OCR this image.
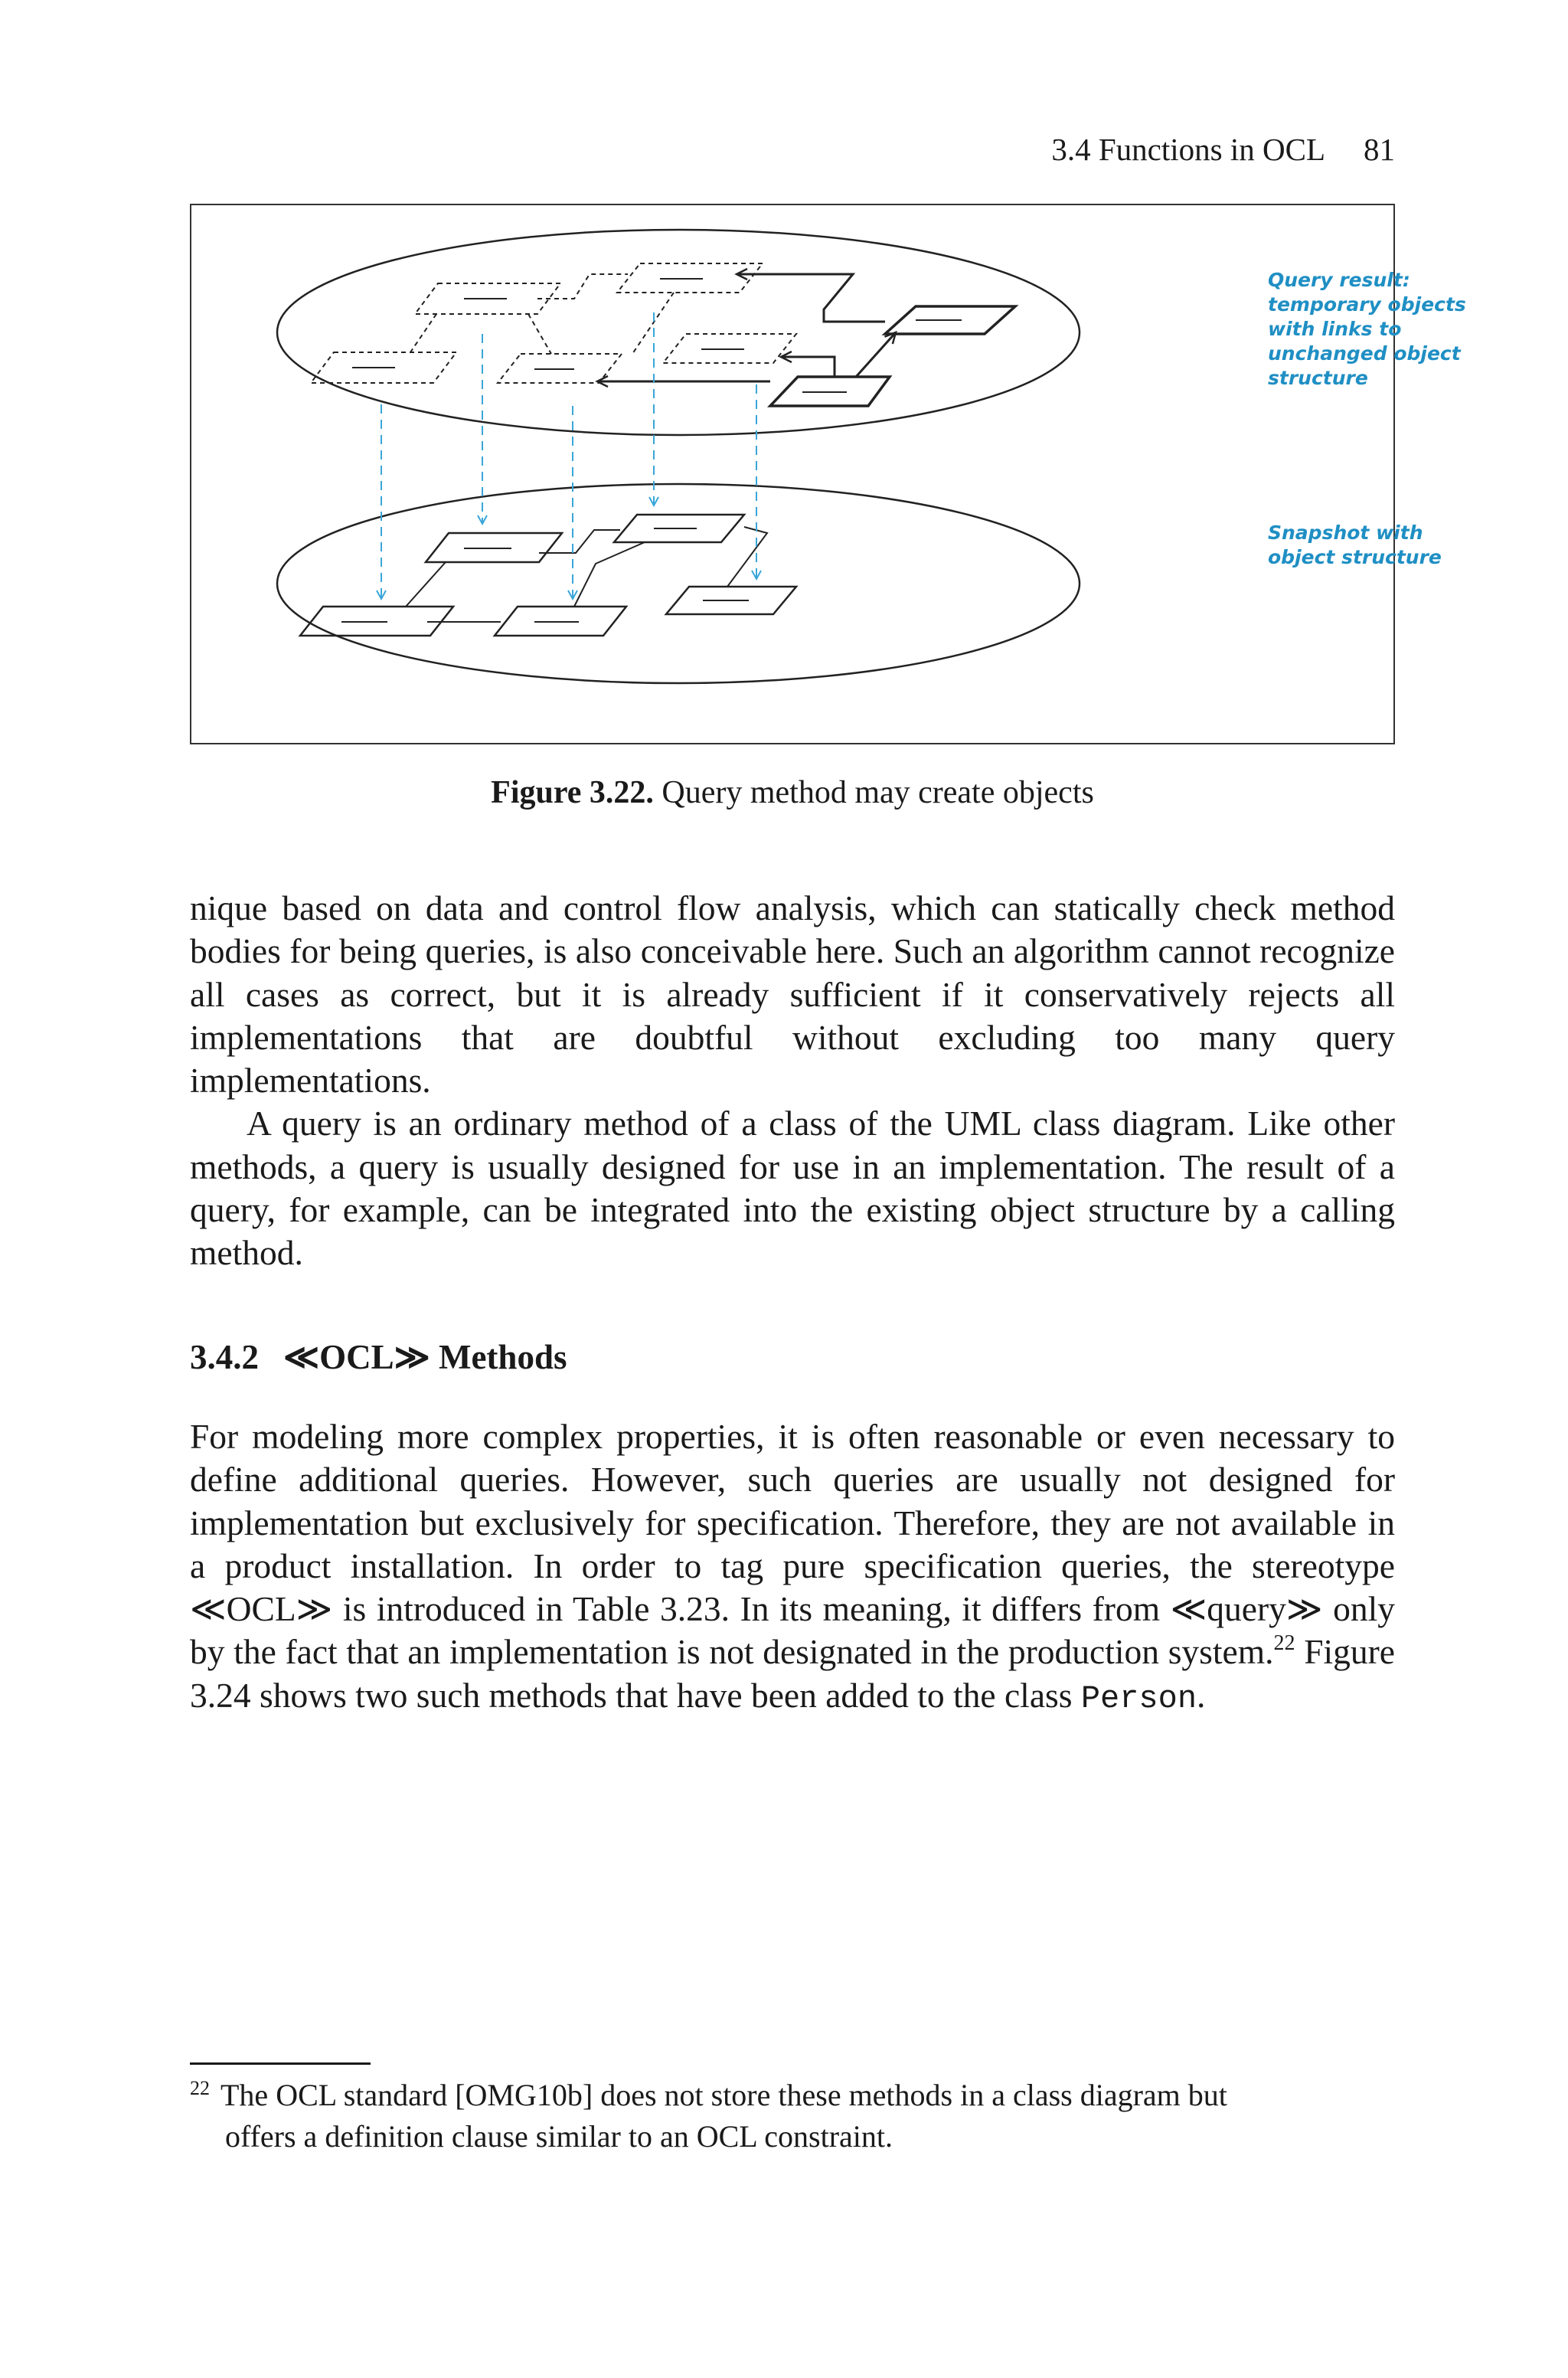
3.4 Functions in OCL 81
Query result:
temporary objects
with links to
unchanged object
structure
Snapshot with
object structure
Figure 3.22. Query method may create objects

nique based on data and control flow analysis, which can statically check method bodies for being queries, is also conceivable here. Such an algorithm cannot recognize all cases as correct, but it is already sufficient if it conservatively rejects all implementations that are doubtful without excluding too many query implementations.

A query is an ordinary method of a class of the UML class diagram. Like other methods, a query is usually designed for use in an implementation. The result of a query, for example, can be integrated into the existing object structure by a calling method.

3.4.2 ≪OCL≫ Methods

For modeling more complex properties, it is often reasonable or even necessary to define additional queries. However, such queries are usually not designed for implementation but exclusively for specification. Therefore, they are not available in a product installation. In order to tag pure specification queries, the stereotype ≪OCL≫ is introduced in Table 3.23. In its meaning, it differs from ≪query≫ only by the fact that an implementation is not designated in the production system.$^{22}$ Figure 3.24 shows two such methods that have been added to the class Person.

$^{22}$ The OCL standard [OMG10b] does not store these methods in a class diagram but
offers a definition clause similar to an OCL constraint.
